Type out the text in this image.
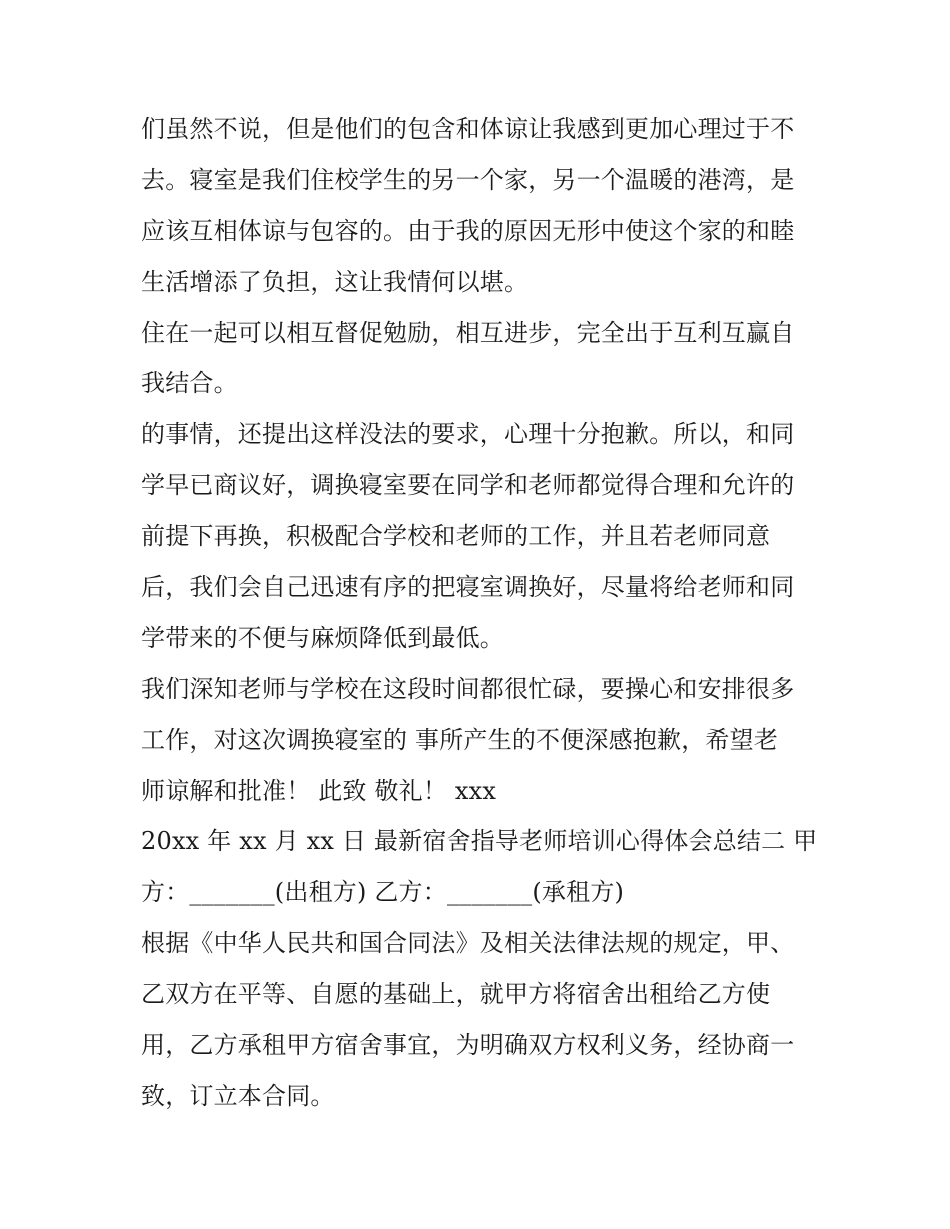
们虽然不说，但是他们的包含和体谅让我感到更加心理过于不
去。寝室是我们住校学生的另一个家，另一个温暖的港湾，是
应该互相体谅与包容的。由于我的原因无形中使这个家的和睦
生活增添了负担，这让我情何以堪。
住在一起可以相互督促勉励，相互进步，完全出于互利互赢自
我结合。
的事情，还提出这样没法的要求，心理十分抱歉。所以，和同
学早已商议好，调换寝室要在同学和老师都觉得合理和允许的
前提下再换，积极配合学校和老师的工作，并且若老师同意
后，我们会自己迅速有序的把寝室调换好，尽量将给老师和同
学带来的不便与麻烦降低到最低。
我们深知老师与学校在这段时间都很忙碌，要操心和安排很多
工作，对这次调换寝室的 事所产生的不便深感抱歉，希望老
师谅解和批准！ 此致 敬礼！ xxx
20xx 年 xx 月 xx 日 最新宿舍指导老师培训心得体会总结二 甲
方：_______(出租方) 乙方：_______(承租方)
根据《中华人民共和国合同法》及相关法律法规的规定，甲、
乙双方在平等、自愿的基础上，就甲方将宿舍出租给乙方使
用，乙方承租甲方宿舍事宜，为明确双方权利义务，经协商一
致，订立本合同。
